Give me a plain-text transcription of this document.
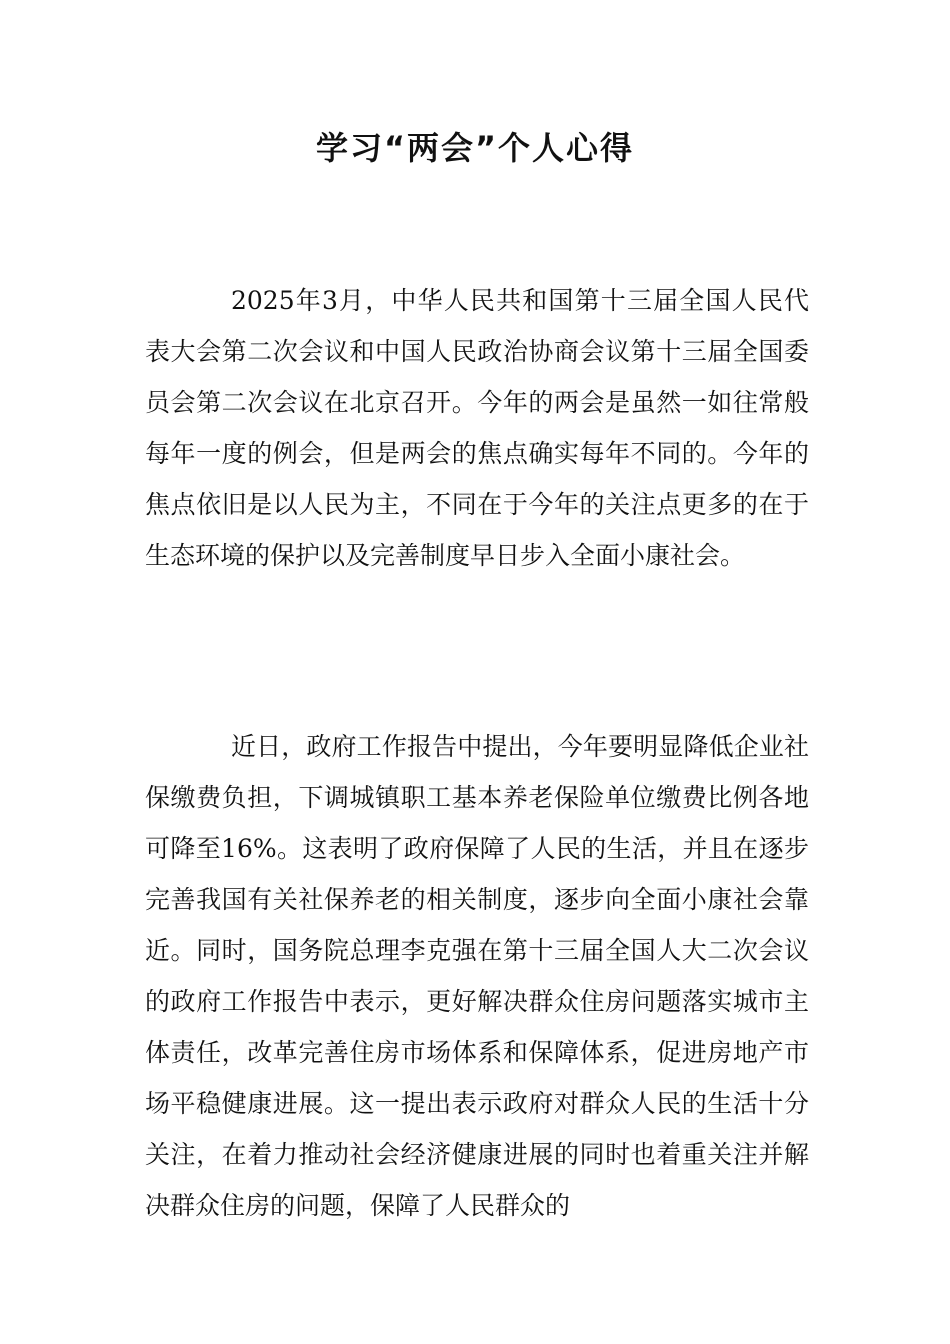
学习“两会”个人心得

2025年3月，中华人民共和国第十三届全国人民代表大会第二次会议和中国人民政治协商会议第十三届全国委员会第二次会议在北京召开。今年的两会是虽然一如往常般每年一度的例会，但是两会的焦点确实每年不同的。今年的焦点依旧是以人民为主，不同在于今年的关注点更多的在于生态环境的保护以及完善制度早日步入全面小康社会。

近日，政府工作报告中提出，今年要明显降低企业社保缴费负担，下调城镇职工基本养老保险单位缴费比例各地可降至16%。这表明了政府保障了人民的生活，并且在逐步完善我国有关社保养老的相关制度，逐步向全面小康社会靠近。同时，国务院总理李克强在第十三届全国人大二次会议的政府工作报告中表示，更好解决群众住房问题落实城市主体责任，改革完善住房市场体系和保障体系，促进房地产市场平稳健康进展。这一提出表示政府对群众人民的生活十分关注，在着力推动社会经济健康进展的同时也着重关注并解决群众住房的问题，保障了人民群众的
